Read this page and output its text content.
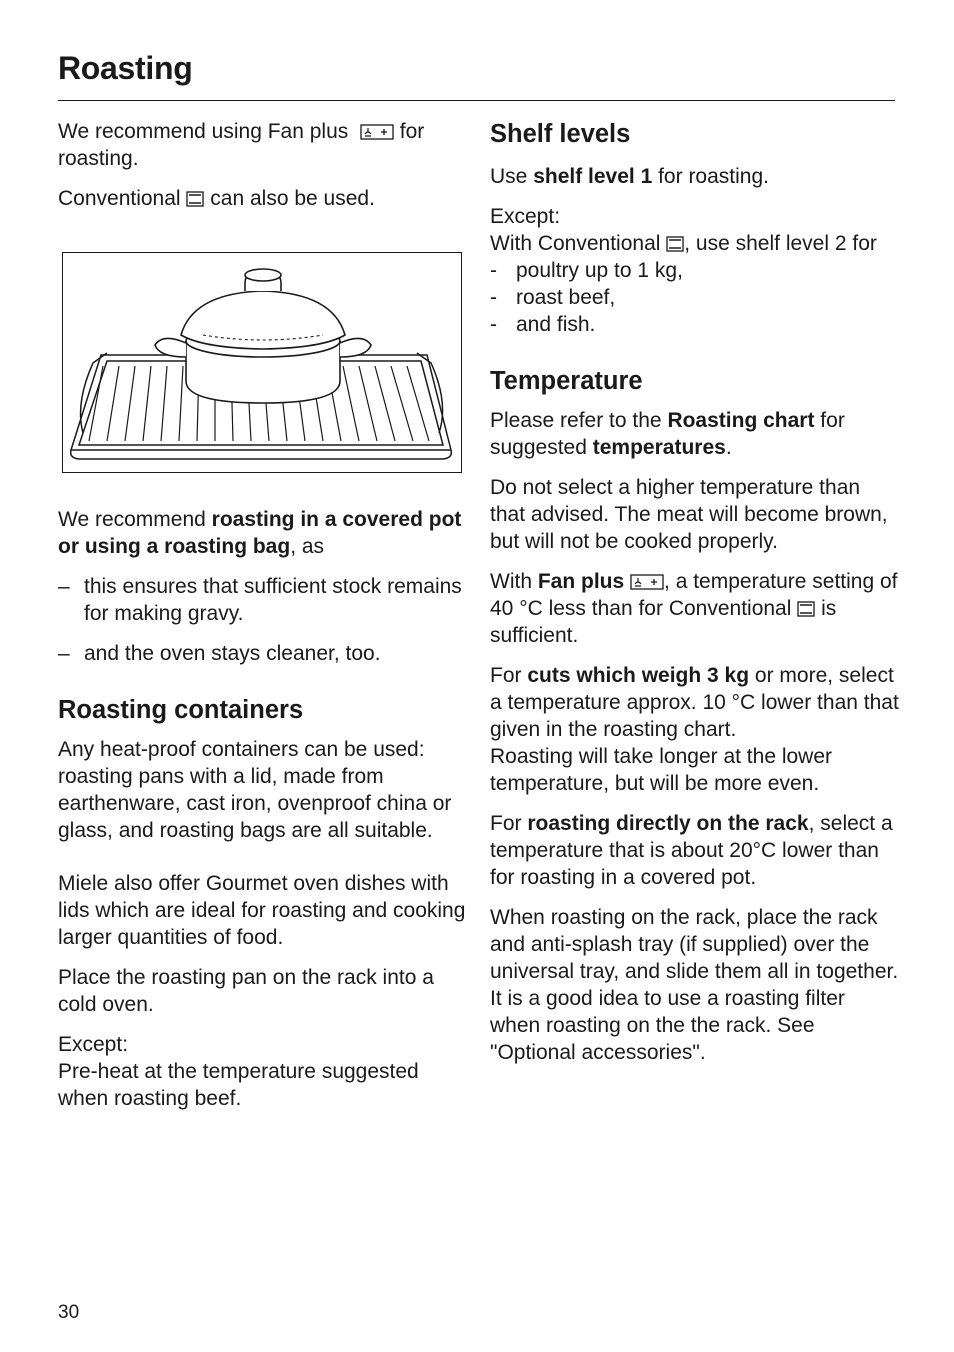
Roasting

We recommend using Fan plus for
roasting.

Conventional can also be used.

We recommend roasting in a covered pot or using a roasting bag, as

– this ensures that sufficient stock remains for making gravy.
– and the oven stays cleaner, too.
Roasting containers

Any heat-proof containers can be used: roasting pans with a lid, made from earthenware, cast iron, ovenproof china or glass, and roasting bags are all suitable.

Miele also offer Gourmet oven dishes with lids which are ideal for roasting and cooking larger quantities of food.

Place the roasting pan on the rack into a cold oven.

Except:
Pre-heat at the temperature suggested when roasting beef.

Shelf levels

Use shelf level 1 for roasting.

Except:
With Conventional , use shelf level 2 for

- poultry up to 1 kg,
- roast beef,
- and fish.
Temperature

Please refer to the Roasting chart for suggested temperatures.

Do not select a higher temperature than that advised. The meat will become brown, but will not be cooked properly.

With Fan plus , a temperature setting of 40 °C less than for Conventional  is sufficient.

For cuts which weigh 3 kg or more, select a temperature approx. 10 °C lower than that given in the roasting chart.
Roasting will take longer at the lower temperature, but will be more even.

For roasting directly on the rack, select a temperature that is about 20°C lower than for roasting in a covered pot.

When roasting on the rack, place the rack and anti-splash tray (if supplied) over the universal tray, and slide them all in together. It is a good idea to use a roasting filter when roasting on the the rack. See "Optional accessories".

30
